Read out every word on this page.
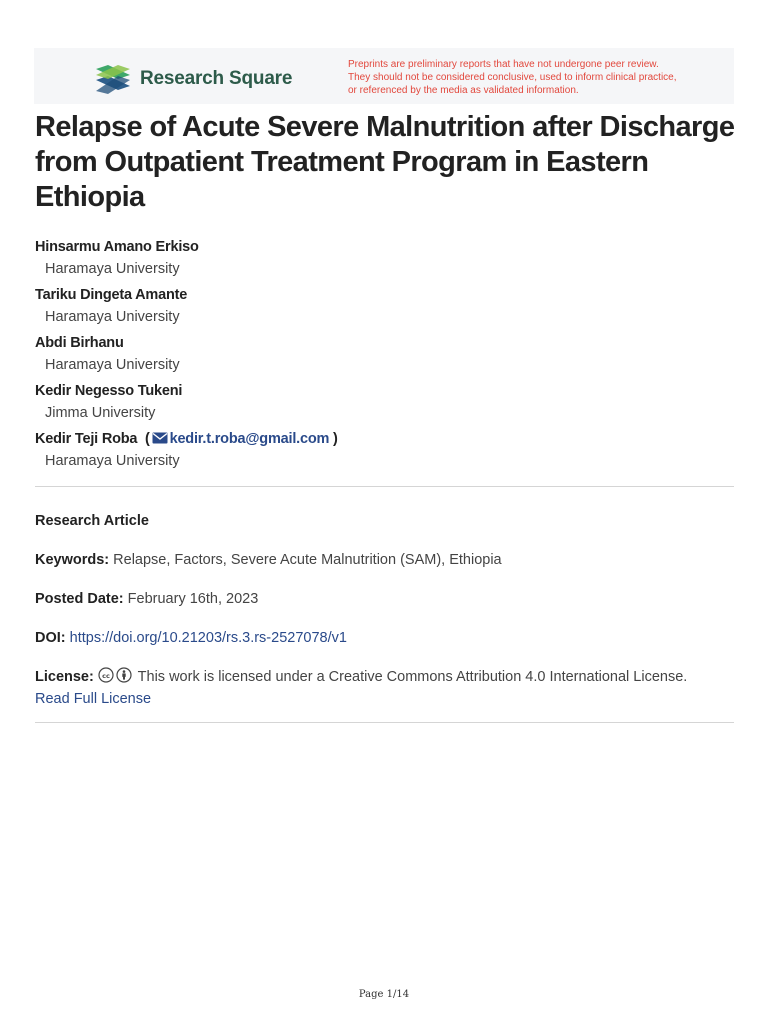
Research Square
Preprints are preliminary reports that have not undergone peer review.
They should not be considered conclusive, used to inform clinical practice,
or referenced by the media as validated information.
Relapse of Acute Severe Malnutrition after Discharge from Outpatient Treatment Program in Eastern Ethiopia
Hinsarmu Amano Erkiso
Haramaya University
Tariku Dingeta Amante
Haramaya University
Abdi Birhanu
Haramaya University
Kedir Negesso Tukeni
Jimma University
Kedir Teji Roba  ( kedir.t.roba@gmail.com )
Haramaya University
Research Article
Keywords: Relapse, Factors, Severe Acute Malnutrition (SAM), Ethiopia
Posted Date: February 16th, 2023
DOI: https://doi.org/10.21203/rs.3.rs-2527078/v1
License: cc This work is licensed under a Creative Commons Attribution 4.0 International License.
Read Full License
Page 1/14
